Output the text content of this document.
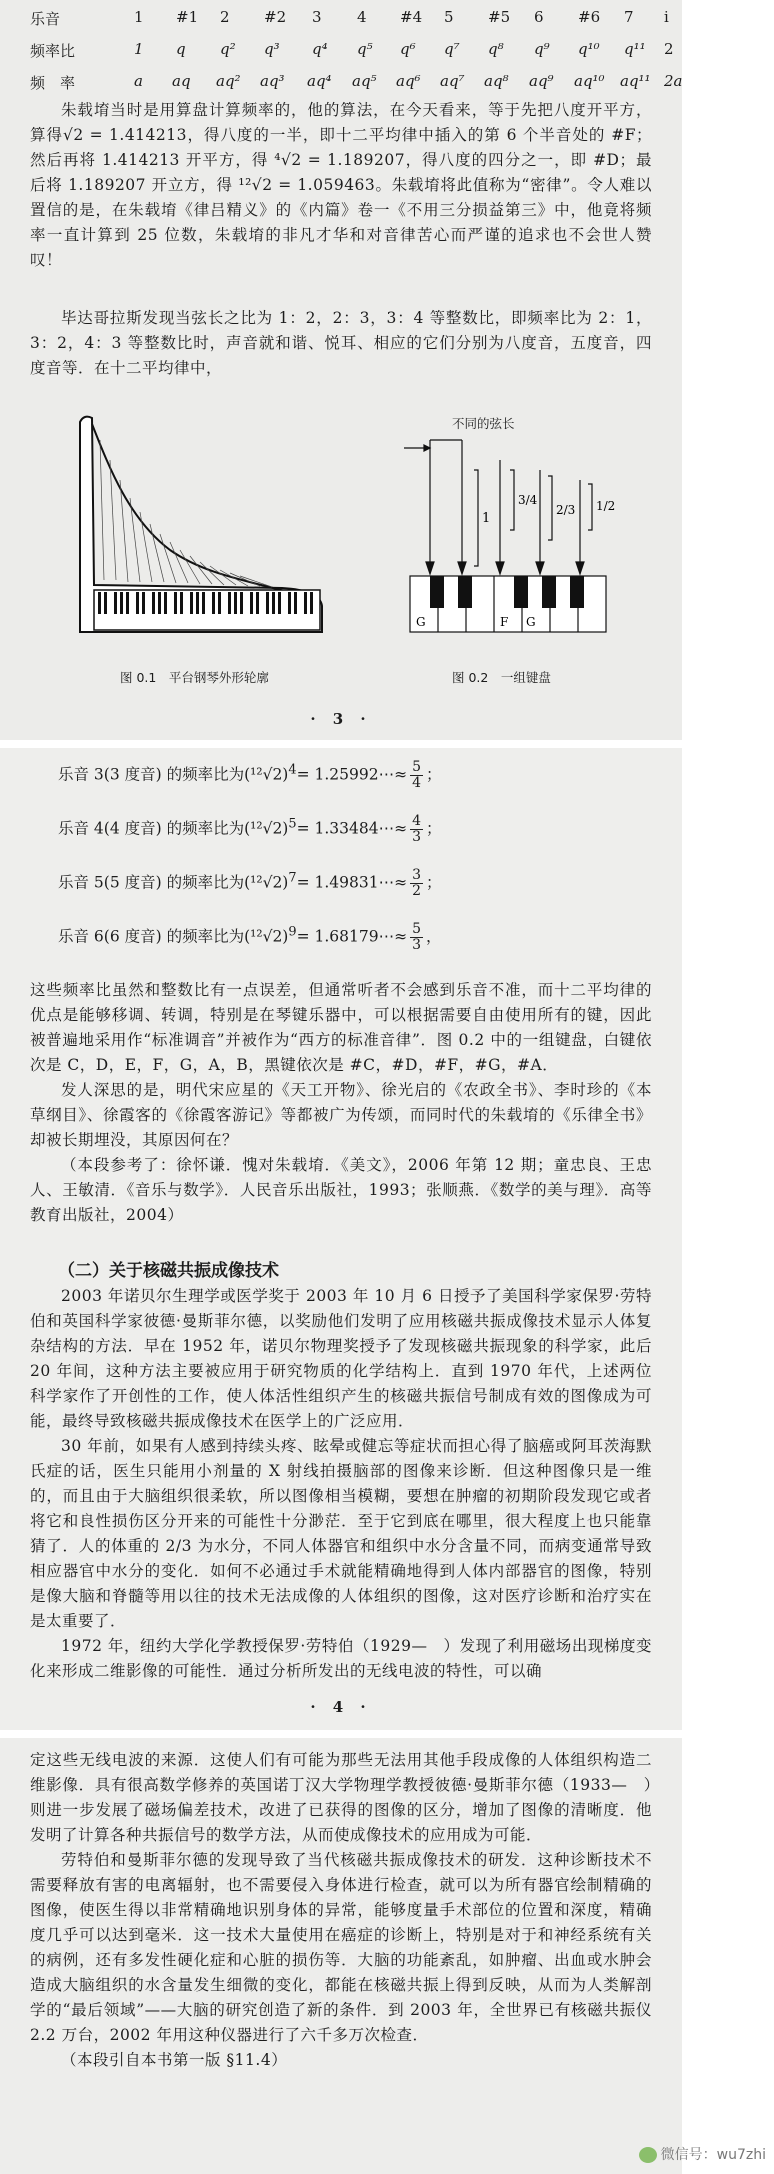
乐音	1 #1 2 #2 3 4 #4 5 #5 6 #6 7 i
频率比	1 q q² q³ q⁴ q⁵ q⁶ q⁷ q⁸ q⁹ q¹⁰ q¹¹ 2
频　率	a aq aq² aq³ aq⁴ aq⁵ aq⁶ aq⁷ aq⁸ aq⁹ aq¹⁰ aq¹¹ 2a

朱载堉当时是用算盘计算频率的，他的算法，在今天看来，等于先把八度开平方，算得√2 = 1.414213，得八度的一半，即十二平均律中插入的第 6 个半音处的 #F；然后再将 1.414213 开平方，得 ⁴√2 = 1.189207，得八度的四分之一，即 #D；最后将 1.189207 开立方，得 ¹²√2 = 1.059463。朱载堉将此值称为“密律”。令人难以置信的是，在朱载堉《律吕精义》的《内篇》卷一《不用三分损益第三》中，他竟将频率一直计算到 25 位数，朱载堉的非凡才华和对音律苦心而严谨的追求也不会世人赞叹！

毕达哥拉斯发现当弦长之比为 1：2，2：3，3：4 等整数比，即频率比为 2：1，3：2，4：3 等整数比时，声音就和谐、悦耳、相应的它们分别为八度音，五度音，四度音等．在十二平均律中，

图 0.1　平台钢琴外形轮廓
不同的弦长
1
3/4
2/3 1/2
G	F G
图 0.2　一组键盘
· 3 ·
乐音 3(3 度音) 的频率比为$(^{12}√2)^4=$ 1.25992⋯≈ $\frac{5}{4}$ ；
乐音 4(4 度音) 的频率比为$(^{12}√2)^5=$ 1.33484⋯≈ $\frac{4}{3}$ ；
乐音 5(5 度音) 的频率比为$(^{12}√2)^7=$ 1.49831⋯≈ $\frac{3}{2}$ ；
乐音 6(6 度音) 的频率比为$(^{12}√2)^9=$ 1.68179⋯≈ $\frac{5}{3}$ ，

这些频率比虽然和整数比有一点误差，但通常听者不会感到乐音不准，而十二平均律的优点是能够移调、转调，特别是在琴键乐器中，可以根据需要自由使用所有的键，因此被普遍地采用作“标准调音”并被作为“西方的标准音律”．图 0.2 中的一组键盘，白键依次是 C，D，E，F，G，A，B，黑键依次是 #C，#D，#F，#G，#A．

发人深思的是，明代宋应星的《天工开物》、徐光启的《农政全书》、李时珍的《本草纲目》、徐霞客的《徐霞客游记》等都被广为传颂，而同时代的朱载堉的《乐律全书》却被长期埋没，其原因何在？

（本段参考了：徐怀谦．愧对朱载堉．《美文》，2006 年第 12 期；童忠良、王忠人、王敏清．《音乐与数学》．人民音乐出版社，1993；张顺燕．《数学的美与理》．高等教育出版社，2004）

（二）关于核磁共振成像技术

2003 年诺贝尔生理学或医学奖于 2003 年 10 月 6 日授予了美国科学家保罗·劳特伯和英国科学家彼德·曼斯菲尔德，以奖励他们发明了应用核磁共振成像技术显示人体复杂结构的方法．早在 1952 年，诺贝尔物理奖授予了发现核磁共振现象的科学家，此后 20 年间，这种方法主要被应用于研究物质的化学结构上．直到 1970 年代，上述两位科学家作了开创性的工作，使人体活性组织产生的核磁共振信号制成有效的图像成为可能，最终导致核磁共振成像技术在医学上的广泛应用．

30 年前，如果有人感到持续头疼、眩晕或健忘等症状而担心得了脑癌或阿耳茨海默氏症的话，医生只能用小剂量的 X 射线拍摄脑部的图像来诊断．但这种图像只是一维的，而且由于大脑组织很柔软，所以图像相当模糊，要想在肿瘤的初期阶段发现它或者将它和良性损伤区分开来的可能性十分渺茫．至于它到底在哪里，很大程度上也只能靠猜了．人的体重的 2/3 为水分，不同人体器官和组织中水分含量不同，而病变通常导致相应器官中水分的变化．如何不必通过手术就能精确地得到人体内部器官的图像，特别是像大脑和脊髓等用以往的技术无法成像的人体组织的图像，这对医疗诊断和治疗实在是太重要了．

1972 年，纽约大学化学教授保罗·劳特伯（1929—　）发现了利用磁场出现梯度变化来形成二维影像的可能性．通过分析所发出的无线电波的特性，可以确

· 4 ·

定这些无线电波的来源．这使人们有可能为那些无法用其他手段成像的人体组织构造二维影像．具有很高数学修养的英国诺丁汉大学物理学教授彼德·曼斯菲尔德（1933—　）则进一步发展了磁场偏差技术，改进了已获得的图像的区分，增加了图像的清晰度．他发明了计算各种共振信号的数学方法，从而使成像技术的应用成为可能．

劳特伯和曼斯菲尔德的发现导致了当代核磁共振成像技术的研发．这种诊断技术不需要释放有害的电离辐射，也不需要侵入身体进行检查，就可以为所有器官绘制精确的图像，使医生得以非常精确地识别身体的异常，能够度量手术部位的位置和深度，精确度几乎可以达到毫米．这一技术大量使用在癌症的诊断上，特别是对于和神经系统有关的病例，还有多发性硬化症和心脏的损伤等．大脑的功能紊乱，如肿瘤、出血或水肿会造成大脑组织的水含量发生细微的变化，都能在核磁共振上得到反映，从而为人类解剖学的“最后领域”——大脑的研究创造了新的条件．到 2003 年，全世界已有核磁共振仪 2.2 万台，2002 年用这种仪器进行了六千多万次检查．

（本段引自本书第一版 §11.4）

微信号：wu7zhi
